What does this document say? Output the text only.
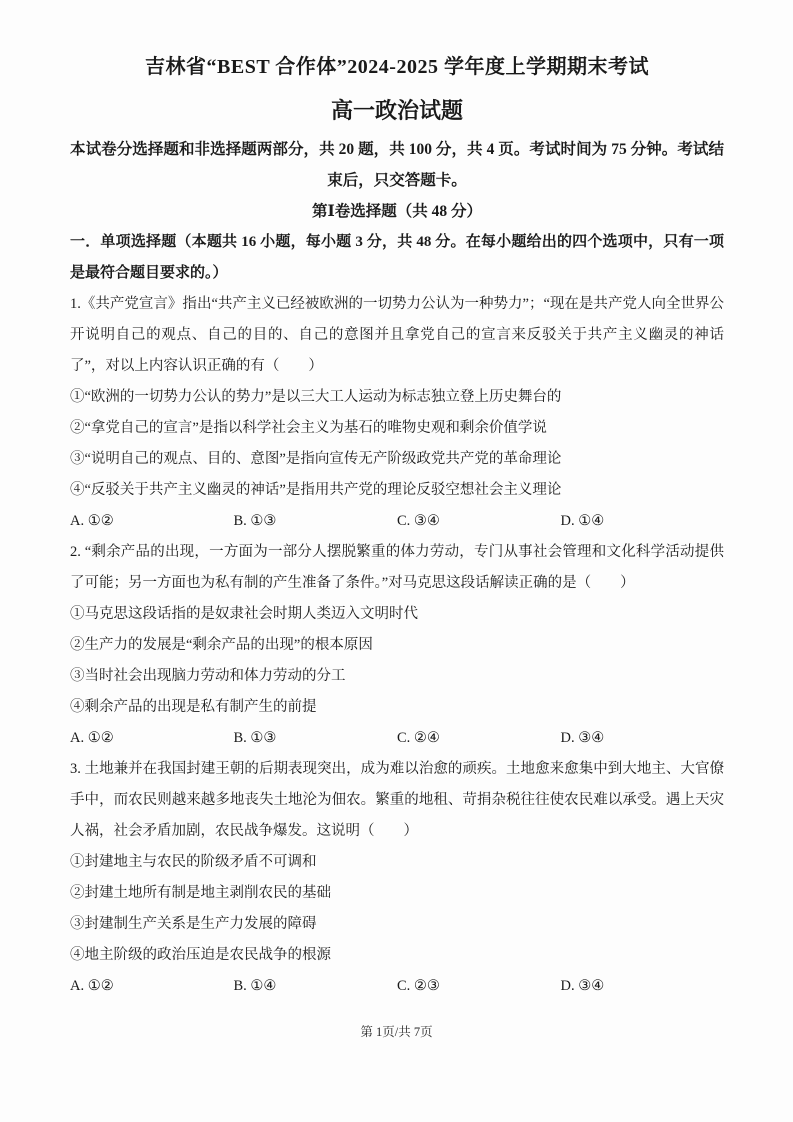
吉林省“BEST 合作体”2024-2025 学年度上学期期末考试
高一政治试题

本试卷分选择题和非选择题两部分，共 20 题，共 100 分，共 4 页。考试时间为 75 分钟。考试结束后，只交答题卡。

第Ⅰ卷选择题（共 48 分）

一．单项选择题（本题共 16 小题，每小题 3 分，共 48 分。在每小题给出的四个选项中，只有一项是最符合题目要求的。）

1.《共产党宣言》指出“共产主义已经被欧洲的一切势力公认为一种势力”；“现在是共产党人向全世界公开说明自己的观点、自己的目的、自己的意图并且拿党自己的宣言来反驳关于共产主义幽灵的神话了”，对以上内容认识正确的有（　　）

①“欧洲的一切势力公认的势力”是以三大工人运动为标志独立登上历史舞台的

②“拿党自己的宣言”是指以科学社会主义为基石的唯物史观和剩余价值学说

③“说明自己的观点、目的、意图”是指向宣传无产阶级政党共产党的革命理论

④“反驳关于共产主义幽灵的神话”是指用共产党的理论反驳空想社会主义理论

A. ①②	B. ①③	C. ③④	D. ①④

2. “剩余产品的出现，一方面为一部分人摆脱繁重的体力劳动，专门从事社会管理和文化科学活动提供了可能；另一方面也为私有制的产生准备了条件。”对马克思这段话解读正确的是（　　）

①马克思这段话指的是奴隶社会时期人类迈入文明时代

②生产力的发展是“剩余产品的出现”的根本原因

③当时社会出现脑力劳动和体力劳动的分工

④剩余产品的出现是私有制产生的前提

A. ①②	B. ①③	C. ②④	D. ③④

3. 土地兼并在我国封建王朝的后期表现突出，成为难以治愈的顽疾。土地愈来愈集中到大地主、大官僚手中，而农民则越来越多地丧失土地沦为佃农。繁重的地租、苛捐杂税往往使农民难以承受。遇上天灾人祸，社会矛盾加剧，农民战争爆发。这说明（　　）

①封建地主与农民的阶级矛盾不可调和

②封建土地所有制是地主剥削农民的基础

③封建制生产关系是生产力发展的障碍

④地主阶级的政治压迫是农民战争的根源

A. ①②	B. ①④	C. ②③	D. ③④
第 1页/共 7页
